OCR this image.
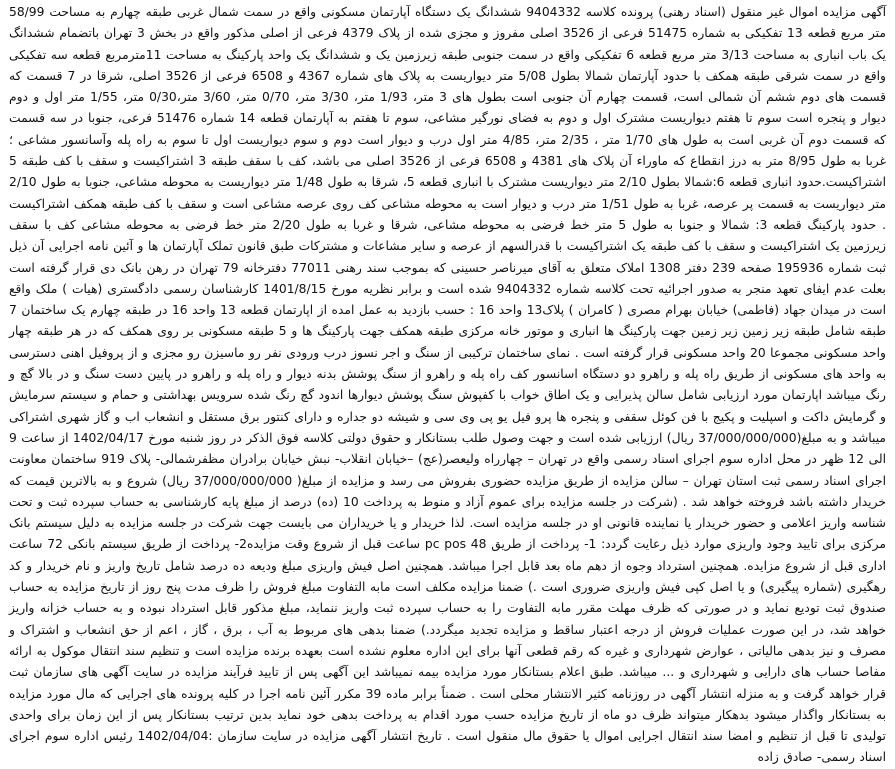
آگهی مزایده اموال غیر منقول (اسناد رهنی) پرونده کلاسه 9404332 ششدانگ یک دستگاه آپارتمان مسکونی واقع در سمت شمال غربی طبقه چهارم به مساحت 58/99 متر مربع قطعه 13 تفکیکی به شماره 51475 فرعی از 3526 اصلی مفروز و مجزی شده از پلاک 4379 فرعی از اصلی مذکور واقع در بخش 3 تهران باتضمام ششدانگ یک باب انباری به مساحت 3/13 متر مربع قطعه 6 تفکیکی واقع در سمت جنوبی طبقه زیرزمین یک و ششدانگ یک واحد پارکینگ به مساحت 11مترمربع قطعه سه تفکیکی واقع در سمت شرقی طبقه همکف با حدود آپارتمان شمالا بطول 5/08 متر دیواریست به پلاک های شماره 4367 و 6508 فرعی از 3526 اصلی، شرقا در 7 قسمت که قسمت های دوم ششم آن شمالی است، قسمت چهارم آن جنوبی است بطول های 3 متر، 1/93 متر، 3/30 متر، 0/70 متر، 3/60 متر،0/30 متر، 1/55 متر اول و دوم دیوار و پنجره است سوم تا هفتم دیواریست مشترک اول و دوم به فضای نورگیر مشاعی، سوم تا هفتم به آپارتمان قطعه 14 شماره 51476 فرعی، جنوبا در سه قسمت که قسمت دوم آن غربی است به طول های 1/70 متر ، 2/35 متر، 4/85 متر اول درب و دیوار است دوم و سوم دیواریست اول تا سوم به راه پله وآسانسور مشاعی ؛ غربا به طول 8/95 متر به درز انقطاع که ماوراء آن پلاک های 4381 و 6508 فرعی از 3526 اصلی می باشد، کف با سقف طبقه 3 اشتراکیست و سقف با کف طبقه 5 اشتراکیست.حدود انباری قطعه 6:شمالا بطول 2/10 متر دیواریست مشترک با انباری قطعه 5، شرقا به طول 1/48 متر دیواریست به محوطه مشاعی، جنوبا به طول 2/10 متر دیواریست به قسمت پر عرصه، غربا به طول 1/51 متر درب و دیوار است به محوطه مشاعی کف روی عرصه مشاعی است و سقف با کف طبقه همکف اشتراکیست . حدود پارکینگ قطعه 3: شمالا و جنوبا به طول 5 متر خط فرضی به محوطه مشاعی، شرقا و غربا به طول 2/20 متر خط فرضی به محوطه مشاعی کف با سقف زیرزمین یک اشتراکیست و سقف با کف طبقه یک اشتراکیست با قدرالسهم از عرصه و سایر مشاعات و مشترکات طبق قانون تملک آپارتمان ها و آئین نامه اجرایی آن ذیل ثبت شماره 195936 صفحه 239 دفتر 1308 املاک متعلق به آقای میرناصر حسینی که بموجب سند رهنی 77011 دفترخانه 79 تهران در رهن بانک دی قرار گرفته است بعلت عدم ایفای تعهد منجر به صدور اجرائیه تحت کلاسه شماره 9404332 شده است و برابر نظریه مورخ 1401/8/15 کارشناسان رسمی دادگستری (هیات ) ملک واقع است در میدان جهاد (فاطمی) خیابان بهرام مصری ( کامران ) پلاک13 واحد 16 : حسب بازدید به عمل امده از اپارتمان قطعه 13 واحد 16 در طبقه چهارم یک ساختمان 7 طبقه شامل طبقه زیر زمین زیر زمین جهت پارکینگ ها انباری و موتور خانه مرکزی طبقه همکف جهت پارکینگ ها و 5 طبقه مسکونی بر روی همکف که در هر طبقه چهار واحد مسکونی مجموعا 20 واحد مسکونی قرار گرفته است . نمای ساختمان ترکیبی از سنگ و اجر نسوز درب ورودی نفر رو ماسیزن رو مجزی و از پروفیل اهنی دسترسی به واحد های مسکونی از طریق راه پله و راهرو دو دستگاه اسانسور کف راه پله و راهرو از سنگ پوشش بدنه دیوار و راه پله و راهرو در پایین دست سنگ و در بالا گچ و رنگ میباشد اپارتمان مورد ارزیابی شامل سالن پذیرایی و یک اطاق خواب با کفپوش سنگ پوشش دیوارها اندود گچ رنگ شده سرویس بهداشتی و حمام و سیستم سرمایش و گرمایش داکت و اسپلیت و پکیج با فن کوئل سقفی و پنجره ها پرو فیل یو پی وی سی و شیشه دو جداره و دارای کنتور برق مستقل و انشعاب اب و گاز شهری اشتراکی میباشد و به مبلغ(37/000/000/000 ریال) ارزیابی شده است و جهت وصول طلب بستانکار و حقوق دولتی کلاسه فوق الذکر در روز شنبه مورخ 1402/04/17 از ساعت 9 الی 12 ظهر در محل اداره سوم اجرای اسناد رسمی واقع در تهران – چهارراه ولیعصر(عج) –خیابان انقلاب- نبش خیابان برادران مظفرشمالی- پلاک 919 ساختمان معاونت اجرای اسناد رسمی ثبت استان تهران – سالن مزایده از طریق مزایده حضوری بفروش می رسد و مزایده از مبلغ( 37/000/000/000 ریال) شروع و به بالاترین قیمت که خریدار داشته باشد فروخته خواهد شد . (شرکت در جلسه مزایده برای عموم آزاد و منوط به پرداخت 10 (ده) درصد از مبلغ پایه کارشناسی به حساب سپرده ثبت و تحت شناسه واریز اعلامی و حضور خریدار یا نماینده قانونی او در جلسه مزایده است. لذا خریدار و یا خریداران می بایست جهت شرکت در جلسه مزایده به دلیل سیستم بانک مرکزی برای تایید وجود واریزی موارد ذیل رعایت گردد: 1- پرداخت از طریق pc pos 48 ساعت قبل از شروع وقت مزایده2- پرداخت از طریق سیستم بانکی 72 ساعت اداری قبل از شروع مزایده. همچنین استرداد وجوه از دهم ماه بعد قابل اجرا میباشد. همچنین اصل فیش واریزی مبلغ ودیعه ده درصد شامل تاریخ واریز و نام خریدار و کد رهگیری (شماره پیگیری) و یا اصل کپی فیش واریزی ضروری است .) ضمنا مزایده مکلف است مابه التفاوت مبلغ فروش را ظرف مدت پنج روز از تاریخ مزایده به حساب صندوق ثبت تودیع نماید و در صورتی که ظرف مهلت مقرر مابه التفاوت را به حساب سپرده ثبت واریز ننماید، مبلغ مذکور قابل استرداد نبوده و به حساب خزانه واریز خواهد شد، در این صورت عملیات فروش از درجه اعتبار ساقط و مزایده تجدید میگردد.) ضمنا بدهی های مربوط به آب ، برق ، گاز ، اعم از حق انشعاب و اشتراک و مصرف و نیز بدهی مالیاتی ، عوارض شهرداری و غیره که رقم قطعی آنها برای این اداره معلوم نشده است بعهده برنده مزایده است و تنظیم سند انتقال موکول به ارائه مفاصا حساب های دارایی و شهرداری و ... میباشد. طبق اعلام بستانکار مورد مزایده بیمه نمیباشد این آگهی پس از تایید فرآیند مزایده در سایت آگهی های سازمان ثبت قرار خواهد گرفت و به منزله انتشار آگهی در روزنامه کثیر الانتشار محلی است . ضمناً برابر ماده 39 مکرر آئین نامه اجرا در کلیه پرونده های اجرایی که مال مورد مزایده به بستانکار واگذار میشود بدهکار میتواند ظرف دو ماه از تاریخ مزایده حسب مورد اقدام به پرداخت بدهی خود نماید بدین ترتیب بستانکار پس از این زمان برای واحدی تولیدی تا قبل از تنظیم و امضا سند انتقال اجرایی اموال یا حقوق مال منقول است . تاریخ انتشار آگهی مزایده در سایت سازمان :1402/04/04 رئیس اداره سوم اجرای اسناد رسمی- صادق زاده
